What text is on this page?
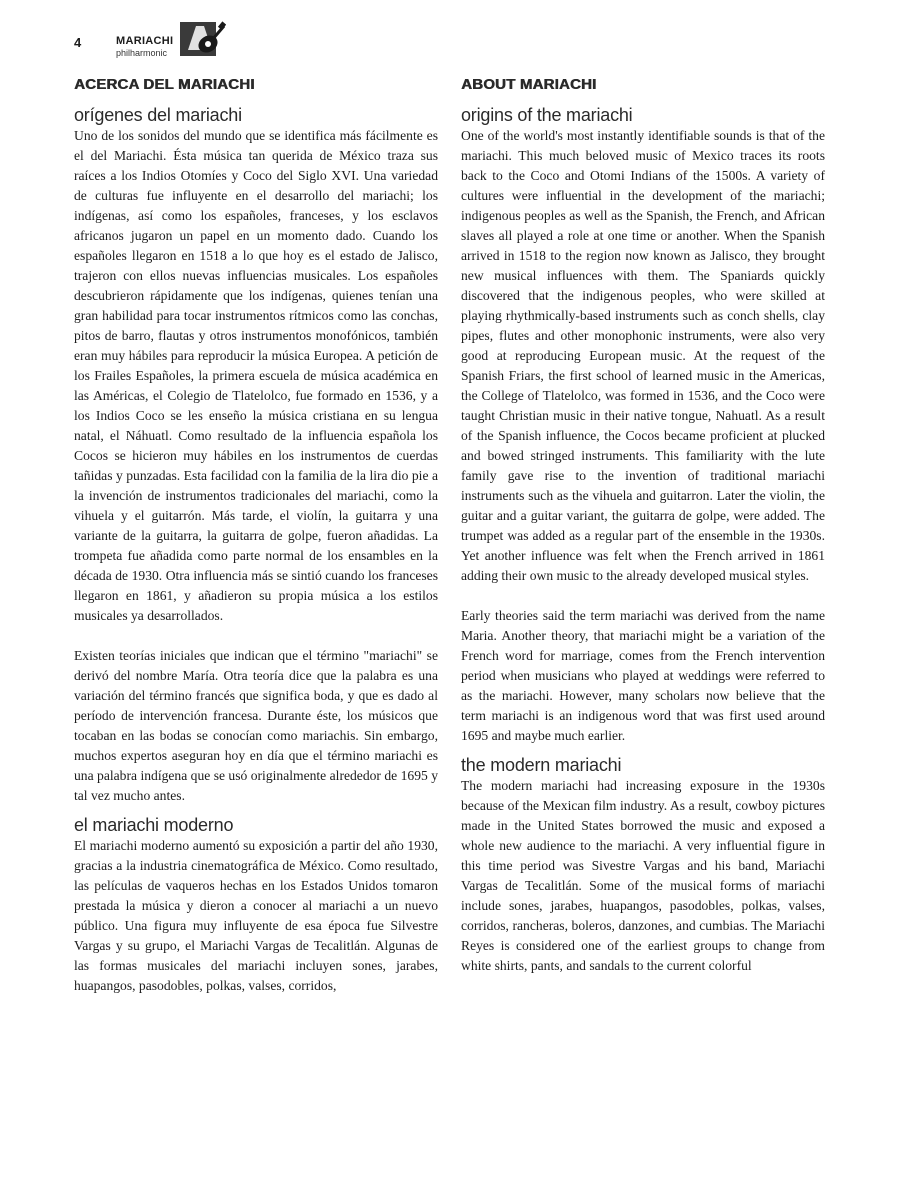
4	MARIACHI
philharmonic
ACERCA DEL MARIACHI
orígenes del mariachi

Uno de los sonidos del mundo que se identifica más fácilmente es el del Mariachi. Ésta música tan querida de México traza sus raíces a los Indios Otomíes y Coco del Siglo XVI. Una variedad de culturas fue influyente en el desarrollo del mariachi; los indígenas, así como los españoles, franceses, y los esclavos africanos jugaron un papel en un momento dado. Cuando los españoles llegaron en 1518 a lo que hoy es el estado de Jalisco, trajeron con ellos nuevas influencias musicales. Los españoles descubrieron rápidamente que los indígenas, quienes tenían una gran habilidad para tocar instrumentos rítmicos como las conchas, pitos de barro, flautas y otros instrumentos monofónicos, también eran muy hábiles para reproducir la música Europea. A petición de los Frailes Españoles, la primera escuela de música académica en las Américas, el Colegio de Tlatelolco, fue formado en 1536, y a los Indios Coco se les enseño la música cristiana en su lengua natal, el Náhuatl. Como resultado de la influencia española los Cocos se hicieron muy hábiles en los instrumentos de cuerdas tañidas y punzadas. Esta facilidad con la familia de la lira dio pie a la invención de instrumentos tradicionales del mariachi, como la vihuela y el guitarrón. Más tarde, el violín, la guitarra y una variante de la guitarra, la guitarra de golpe, fueron añadidas. La trompeta fue añadida como parte normal de los ensambles en la década de 1930. Otra influencia más se sintió cuando los franceses llegaron en 1861, y añadieron su propia música a los estilos musicales ya desarrollados.

Existen teorías iniciales que indican que el término "mariachi" se derivó del nombre María. Otra teoría dice que la palabra es una variación del término francés que significa boda, y que es dado al período de intervención francesa. Durante éste, los músicos que tocaban en las bodas se conocían como mariachis. Sin embargo, muchos expertos aseguran hoy en día que el término mariachi es una palabra indígena que se usó originalmente alrededor de 1695 y tal vez mucho antes.

el mariachi moderno

El mariachi moderno aumentó su exposición a partir del año 1930, gracias a la industria cinematográfica de México. Como resultado, las películas de vaqueros hechas en los Estados Unidos tomaron prestada la música y dieron a conocer al mariachi a un nuevo público. Una figura muy influyente de esa época fue Silvestre Vargas y su grupo, el Mariachi Vargas de Tecalitlán. Algunas de las formas musicales del mariachi incluyen sones, jarabes, huapangos, pasodobles, polkas, valses, corridos,

ABOUT MARIACHI
origins of the mariachi

One of the world's most instantly identifiable sounds is that of the mariachi. This much beloved music of Mexico traces its roots back to the Coco and Otomi Indians of the 1500s. A variety of cultures were influential in the development of the mariachi; indigenous peoples as well as the Spanish, the French, and African slaves all played a role at one time or another. When the Spanish arrived in 1518 to the region now known as Jalisco, they brought new musical influences with them. The Spaniards quickly discovered that the indigenous peoples, who were skilled at playing rhythmically-based instruments such as conch shells, clay pipes, flutes and other monophonic instruments, were also very good at reproducing European music. At the request of the Spanish Friars, the first school of learned music in the Americas, the College of Tlatelolco, was formed in 1536, and the Coco were taught Christian music in their native tongue, Nahuatl. As a result of the Spanish influence, the Cocos became proficient at plucked and bowed stringed instruments. This familiarity with the lute family gave rise to the invention of traditional mariachi instruments such as the vihuela and guitarron. Later the violin, the guitar and a guitar variant, the guitarra de golpe, were added. The trumpet was added as a regular part of the ensemble in the 1930s. Yet another influence was felt when the French arrived in 1861 adding their own music to the already developed musical styles.

Early theories said the term mariachi was derived from the name Maria. Another theory, that mariachi might be a variation of the French word for marriage, comes from the French intervention period when musicians who played at weddings were referred to as the mariachi. However, many scholars now believe that the term mariachi is an indigenous word that was first used around 1695 and maybe much earlier.

the modern mariachi

The modern mariachi had increasing exposure in the 1930s because of the Mexican film industry. As a result, cowboy pictures made in the United States borrowed the music and exposed a whole new audience to the mariachi. A very influential figure in this time period was Sivestre Vargas and his band, Mariachi Vargas de Tecalitlán. Some of the musical forms of mariachi include sones, jarabes, huapangos, pasodobles, polkas, valses, corridos, rancheras, boleros, danzones, and cumbias. The Mariachi Reyes is considered one of the earliest groups to change from white shirts, pants, and sandals to the current colorful
